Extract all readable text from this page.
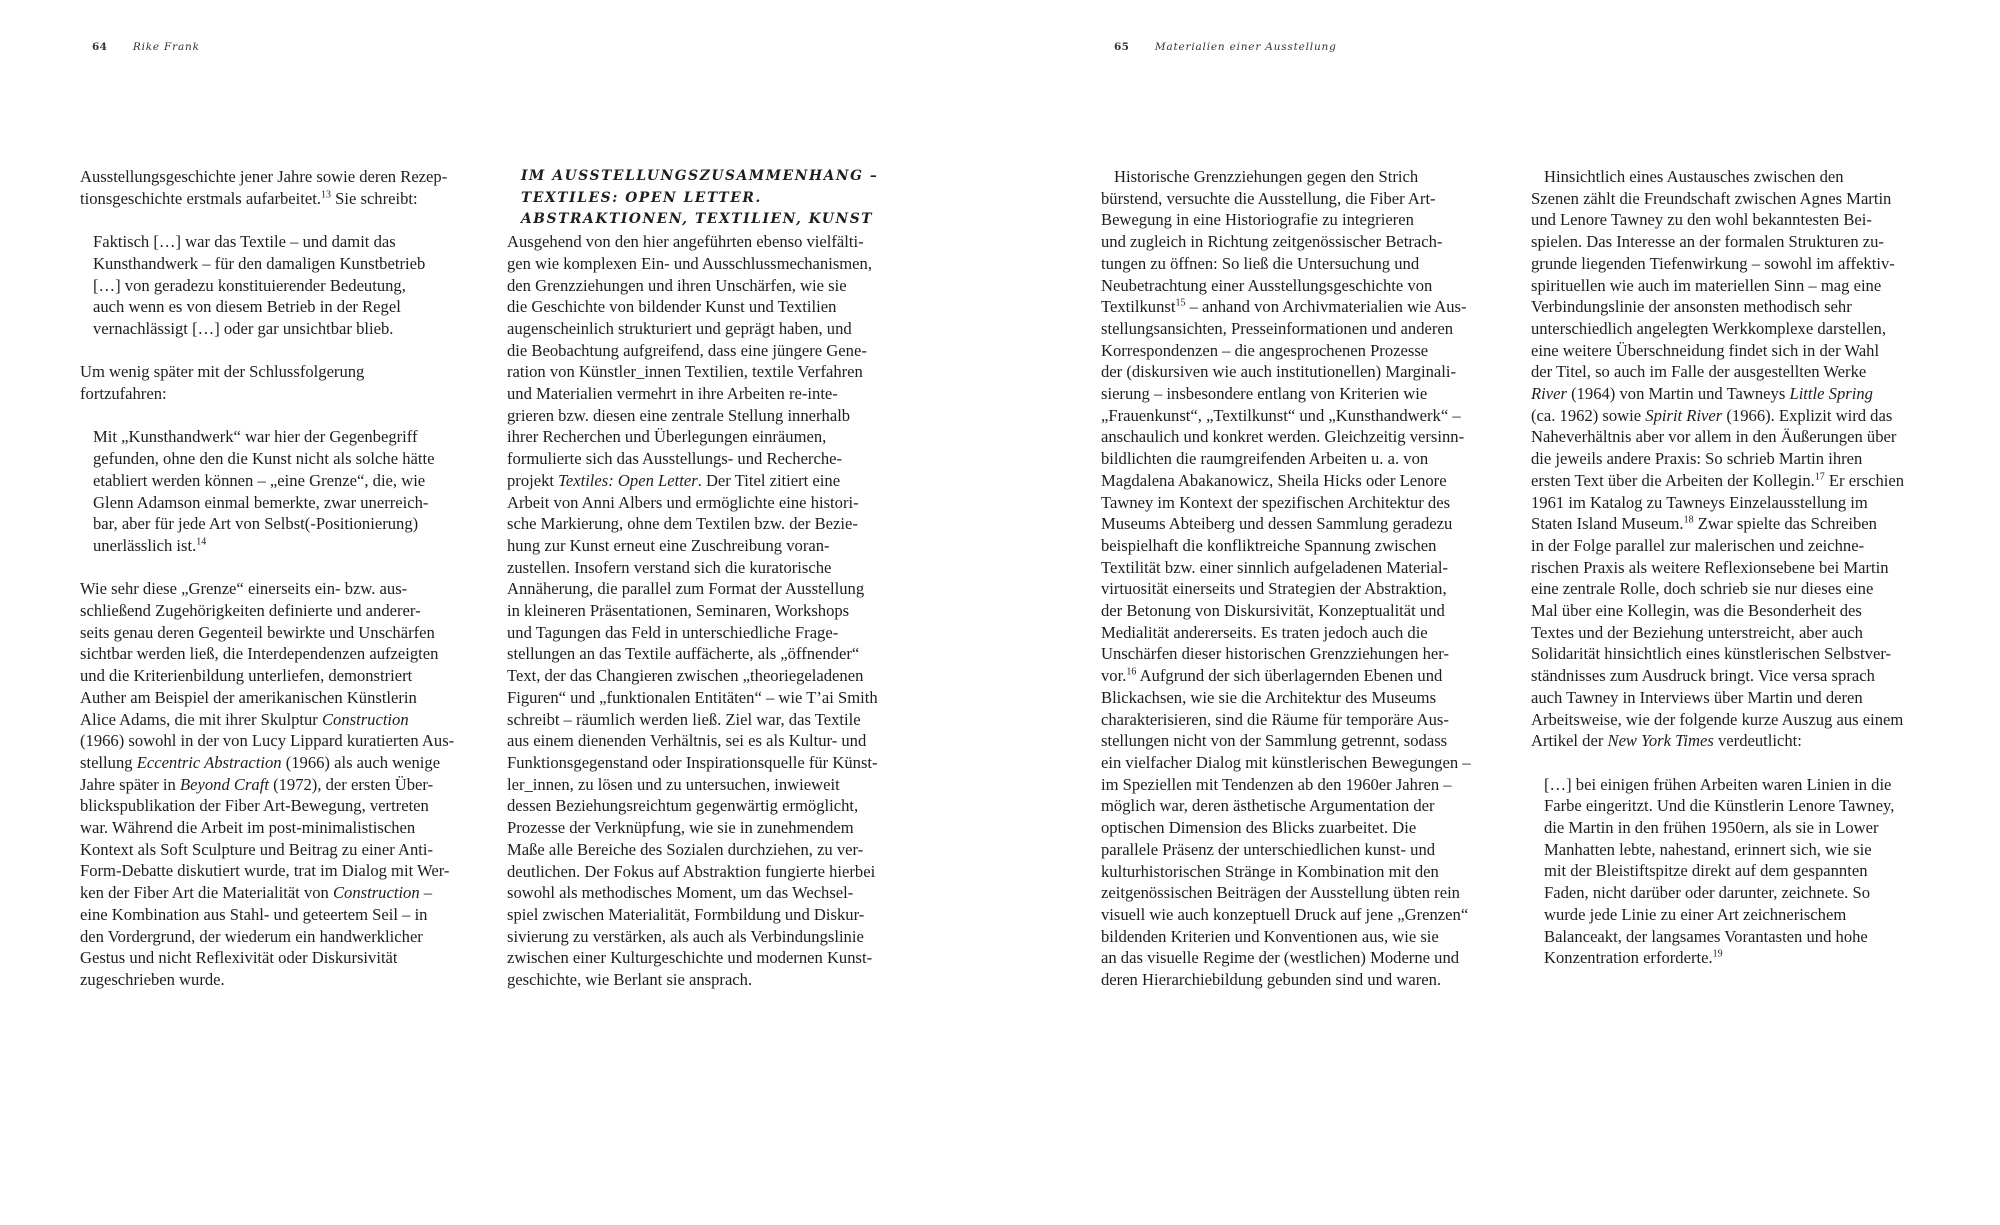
64 Rike Frank
Ausstellungsgeschichte jener Jahre sowie deren Rezep-
tionsgeschichte erstmals aufarbeitet.$^{13}$ Sie schreibt:
Faktisch […] war das Textile – und damit das
Kunsthandwerk – für den damaligen Kunstbetrieb
[…] von geradezu konstituierender Bedeutung,
auch wenn es von diesem Betrieb in der Regel
vernachlässigt […] oder gar unsichtbar blieb.
Um wenig später mit der Schlussfolgerung
fortzufahren:
Mit „Kunsthandwerk“ war hier der Gegenbegriff
gefunden, ohne den die Kunst nicht als solche hätte
etabliert werden können – „eine Grenze“, die, wie
Glenn Adamson einmal bemerkte, zwar unerreich-
bar, aber für jede Art von Selbst(-Positionierung)
unerlässlich ist.$^{14}$
Wie sehr diese „Grenze“ einerseits ein- bzw. aus-
schließend Zugehörigkeiten definierte und anderer-
seits genau deren Gegenteil bewirkte und Unschärfen
sichtbar werden ließ, die Interdependenzen aufzeigten
und die Kriterienbildung unterliefen, demonstriert
Auther am Beispiel der amerikanischen Künstlerin
Alice Adams, die mit ihrer Skulptur Construction
(1966) sowohl in der von Lucy Lippard kuratierten Aus-
stellung Eccentric Abstraction (1966) als auch wenige
Jahre später in Beyond Craft (1972), der ersten Über-
blickspublikation der Fiber Art-Bewegung, vertreten
war. Während die Arbeit im post-minimalistischen
Kontext als Soft Sculpture und Beitrag zu einer Anti-
Form-Debatte diskutiert wurde, trat im Dialog mit Wer-
ken der Fiber Art die Materialität von Construction –
eine Kombination aus Stahl- und geteertem Seil – in
den Vordergrund, der wiederum ein handwerklicher
Gestus und nicht Reflexivität oder Diskursivität
zugeschrieben wurde.
IM AUSSTELLUNGSZUSAMMENHANG –
TEXTILES: OPEN LETTER.
ABSTRAKTIONEN, TEXTILIEN, KUNST
Ausgehend von den hier angeführten ebenso vielfälti-
gen wie komplexen Ein- und Ausschlussmechanismen,
den Grenzziehungen und ihren Unschärfen, wie sie
die Geschichte von bildender Kunst und Textilien
augenscheinlich strukturiert und geprägt haben, und
die Beobachtung aufgreifend, dass eine jüngere Gene-
ration von Künstler_innen Textilien, textile Verfahren
und Materialien vermehrt in ihre Arbeiten re-inte-
grieren bzw. diesen eine zentrale Stellung innerhalb
ihrer Recherchen und Überlegungen einräumen,
formulierte sich das Ausstellungs- und Recherche-
projekt Textiles: Open Letter. Der Titel zitiert eine
Arbeit von Anni Albers und ermöglichte eine histori-
sche Markierung, ohne dem Textilen bzw. der Bezie-
hung zur Kunst erneut eine Zuschreibung voran-
zustellen. Insofern verstand sich die kuratorische
Annäherung, die parallel zum Format der Ausstellung
in kleineren Präsentationen, Seminaren, Workshops
und Tagungen das Feld in unterschiedliche Frage-
stellungen an das Textile auffächerte, als „öffnender“
Text, der das Changieren zwischen „theoriegeladenen
Figuren“ und „funktionalen Entitäten“ – wie T’ai Smith
schreibt – räumlich werden ließ. Ziel war, das Textile
aus einem dienenden Verhältnis, sei es als Kultur- und
Funktionsgegenstand oder Inspirationsquelle für Künst-
ler_innen, zu lösen und zu untersuchen, inwieweit
dessen Beziehungsreichtum gegenwärtig ermöglicht,
Prozesse der Verknüpfung, wie sie in zunehmendem
Maße alle Bereiche des Sozialen durchziehen, zu ver-
deutlichen. Der Fokus auf Abstraktion fungierte hierbei
sowohl als methodisches Moment, um das Wechsel-
spiel zwischen Materialität, Formbildung und Diskur-
sivierung zu verstärken, als auch als Verbindungslinie
zwischen einer Kulturgeschichte und modernen Kunst-
geschichte, wie Berlant sie ansprach.
65 Materialien einer Ausstellung
Historische Grenzziehungen gegen den Strich
bürstend, versuchte die Ausstellung, die Fiber Art-
Bewegung in eine Historiografie zu integrieren
und zugleich in Richtung zeitgenössischer Betrach-
tungen zu öffnen: So ließ die Untersuchung und
Neubetrachtung einer Ausstellungsgeschichte von
Textilkunst$^{15}$ – anhand von Archivmaterialien wie Aus-
stellungsansichten, Presseinformationen und anderen
Korrespondenzen – die angesprochenen Prozesse
der (diskursiven wie auch institutionellen) Marginali-
sierung – insbesondere entlang von Kriterien wie
„Frauenkunst“, „Textilkunst“ und „Kunsthandwerk“ –
anschaulich und konkret werden. Gleichzeitig versinn-
bildlichten die raumgreifenden Arbeiten u. a. von
Magdalena Abakanowicz, Sheila Hicks oder Lenore
Tawney im Kontext der spezifischen Architektur des
Museums Abteiberg und dessen Sammlung geradezu
beispielhaft die konfliktreiche Spannung zwischen
Textilität bzw. einer sinnlich aufgeladenen Material-
virtuosität einerseits und Strategien der Abstraktion,
der Betonung von Diskursivität, Konzeptualität und
Medialität andererseits. Es traten jedoch auch die
Unschärfen dieser historischen Grenzziehungen her-
vor.$^{16}$ Aufgrund der sich überlagernden Ebenen und
Blickachsen, wie sie die Architektur des Museums
charakterisieren, sind die Räume für temporäre Aus-
stellungen nicht von der Sammlung getrennt, sodass
ein vielfacher Dialog mit künstlerischen Bewegungen –
im Speziellen mit Tendenzen ab den 1960er Jahren –
möglich war, deren ästhetische Argumentation der
optischen Dimension des Blicks zuarbeitet. Die
parallele Präsenz der unterschiedlichen kunst- und
kulturhistorischen Stränge in Kombination mit den
zeitgenössischen Beiträgen der Ausstellung übten rein
visuell wie auch konzeptuell Druck auf jene „Grenzen“
bildenden Kriterien und Konventionen aus, wie sie
an das visuelle Regime der (westlichen) Moderne und
deren Hierarchiebildung gebunden sind und waren.
Hinsichtlich eines Austausches zwischen den
Szenen zählt die Freundschaft zwischen Agnes Martin
und Lenore Tawney zu den wohl bekanntesten Bei-
spielen. Das Interesse an der formalen Strukturen zu-
grunde liegenden Tiefenwirkung – sowohl im affektiv-
spirituellen wie auch im materiellen Sinn – mag eine
Verbindungslinie der ansonsten methodisch sehr
unterschiedlich angelegten Werkkomplexe darstellen,
eine weitere Überschneidung findet sich in der Wahl
der Titel, so auch im Falle der ausgestellten Werke
River (1964) von Martin und Tawneys Little Spring
(ca. 1962) sowie Spirit River (1966). Explizit wird das
Naheverhältnis aber vor allem in den Äußerungen über
die jeweils andere Praxis: So schrieb Martin ihren
ersten Text über die Arbeiten der Kollegin.$^{17}$ Er erschien
1961 im Katalog zu Tawneys Einzelausstellung im
Staten Island Museum.$^{18}$ Zwar spielte das Schreiben
in der Folge parallel zur malerischen und zeichne-
rischen Praxis als weitere Reflexionsebene bei Martin
eine zentrale Rolle, doch schrieb sie nur dieses eine
Mal über eine Kollegin, was die Besonderheit des
Textes und der Beziehung unterstreicht, aber auch
Solidarität hinsichtlich eines künstlerischen Selbstver-
ständnisses zum Ausdruck bringt. Vice versa sprach
auch Tawney in Interviews über Martin und deren
Arbeitsweise, wie der folgende kurze Auszug aus einem
Artikel der New York Times verdeutlicht:
[…] bei einigen frühen Arbeiten waren Linien in die
Farbe eingeritzt. Und die Künstlerin Lenore Tawney,
die Martin in den frühen 1950ern, als sie in Lower
Manhatten lebte, nahestand, erinnert sich, wie sie
mit der Bleistiftspitze direkt auf dem gespannten
Faden, nicht darüber oder darunter, zeichnete. So
wurde jede Linie zu einer Art zeichnerischem
Balanceakt, der langsames Vorantasten und hohe
Konzentration erforderte.$^{19}$
